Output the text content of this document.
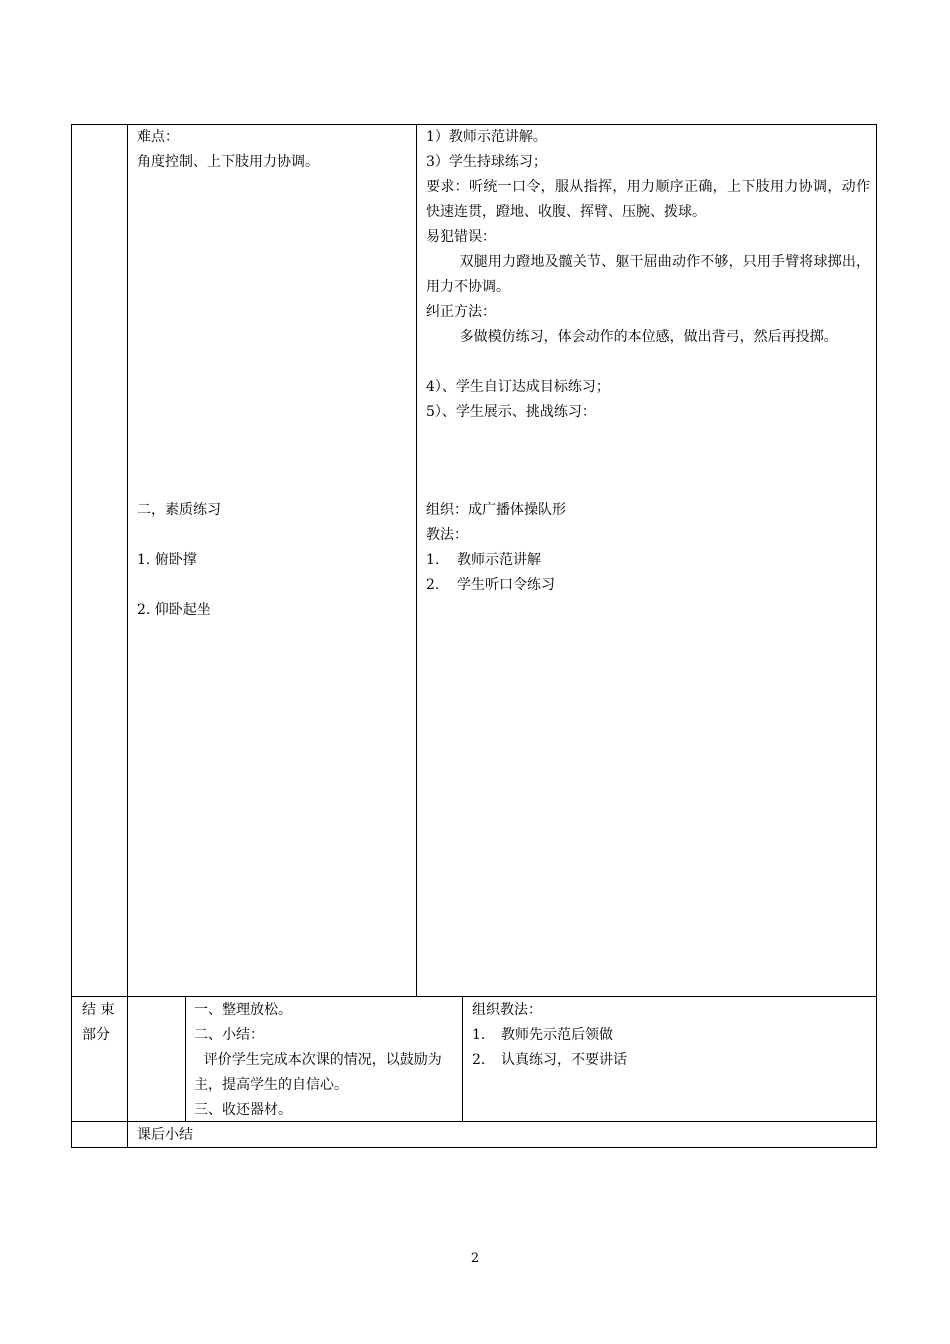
难点：
角度控制、上下肢用力协调。
二，素质练习
1. 俯卧撑
2. 仰卧起坐
1）教师示范讲解。
3）学生持球练习；
要求：听统一口令，服从指挥，用力顺序正确，上下肢用力协调，动作快速连贯，蹬地、收腹、挥臂、压腕、拨球。
易犯错误：
双腿用力蹬地及髋关节、躯干屈曲动作不够，只用手臂将球掷出，用力不协调。
纠正方法：
多做模仿练习，体会动作的本位感，做出背弓，然后再投掷。
4）、学生自订达成目标练习；
5）、学生展示、挑战练习：
组织：成广播体操队形
教法：
1. 教师示范讲解
2. 学生听口令练习
结 束
部分
一、整理放松。
二、小结：
评价学生完成本次课的情况，以鼓励为主，提高学生的自信心。
三、收还器材。
组织教法：
1. 教师先示范后领做
2. 认真练习，不要讲话
课后小结
2
